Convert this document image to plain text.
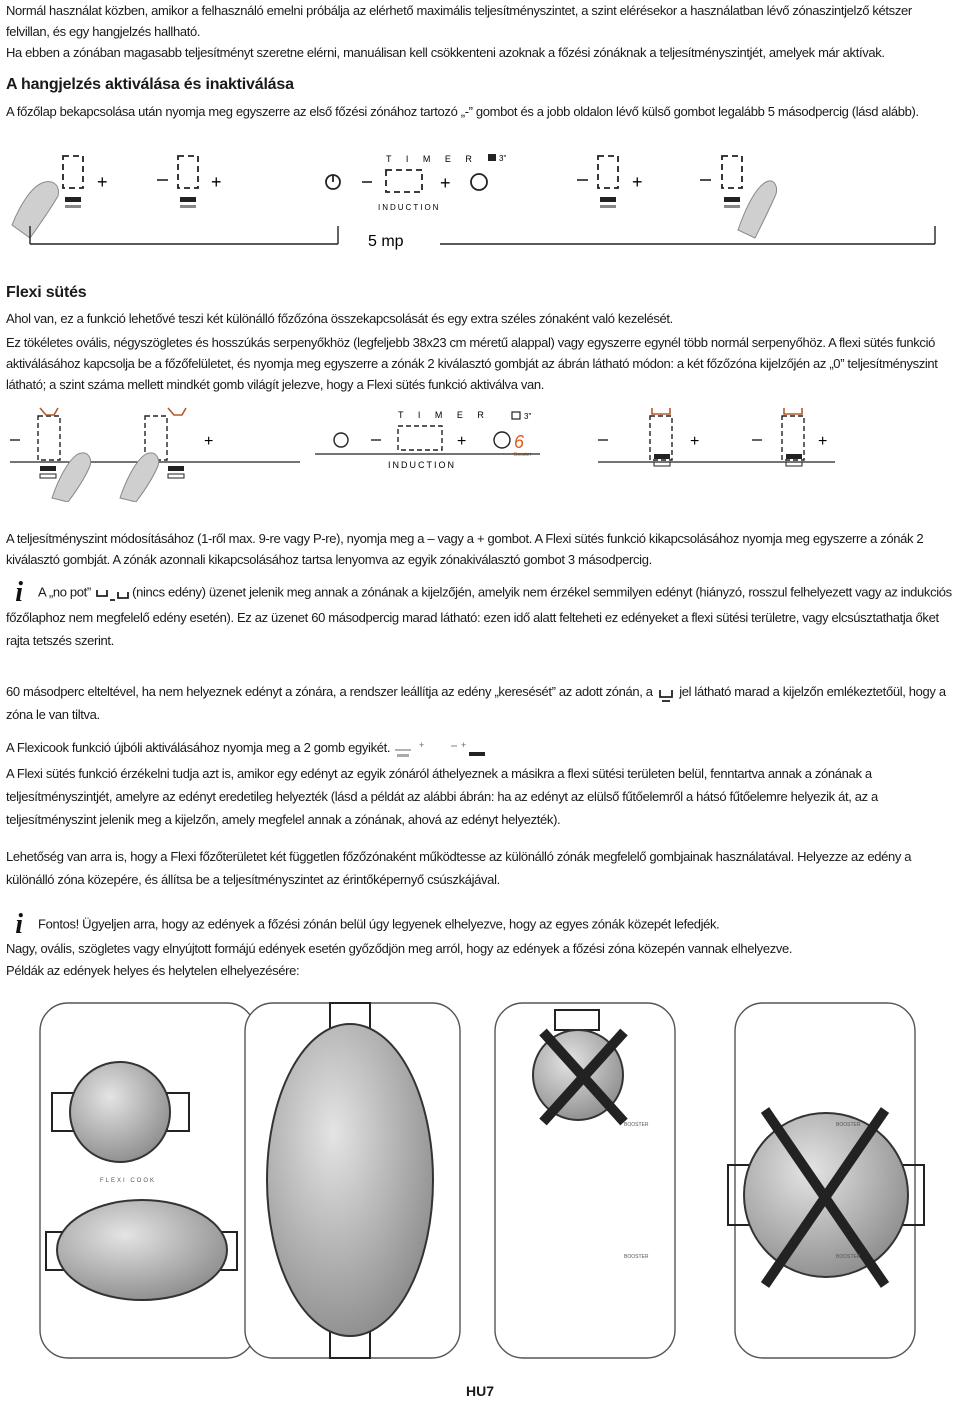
Normál használat közben, amikor a felhasználó emelni próbálja az elérhető maximális teljesítményszintet, a szint elérésekor a használatban lévő zónaszintjelző kétszer felvillan, és egy hangjelzés hallható.
Ha ebben a zónában magasabb teljesítményt szeretne elérni, manuálisan kell csökkenteni azoknak a főzési zónáknak a teljesítményszintjét, amelyek már aktívak.
A hangjelzés aktiválása és inaktiválása
A főzőlap bekapcsolása után nyomja meg egyszerre az első főzési zónához tartozó „-” gombot és a jobb oldalon lévő külső gombot legalább 5 másodpercig (lásd alább).
+	+
T I M E R
+
3"
INDUCTION
+
5 mp
Flexi sütés
Ahol van, ez a funkció lehetővé teszi két különálló főzőzóna összekapcsolását és egy extra széles zónaként való kezelését.
Ez tökéletes ovális, négyszögletes és hosszúkás serpenyőkhöz (legfeljebb 38x23 cm méretű alappal) vagy egyszerre egynél több normál serpenyőhöz. A flexi sütés funkció aktiválásához kapcsolja be a főzőfelületet, és nyomja meg egyszerre a zónák 2 kiválasztó gombját az ábrán látható módon: a két főzőzóna kijelzőjén az „0” teljesítményszint látható; a szint száma mellett mindkét gomb világít jelezve, hogy a Flexi sütés funkció aktiválva van.
+
T I M E R
+	6
Booster
3"
INDUCTION
+	+
A teljesítményszint módosításához (1-ről max. 9-re vagy P-re), nyomja meg a – vagy a + gombot. A Flexi sütés funkció kikapcsolásához nyomja meg egyszerre a zónák 2 kiválasztó gombját. A zónák azonnali kikapcsolásához tartsa lenyomva az egyik zónakiválasztó gombot 3 másodpercig.
i A „no pot”	(nincs edény) üzenet jelenik meg annak a zónának a kijelzőjén, amelyik nem érzékel semmilyen edényt (hiányzó, rosszul felhelyezett vagy az indukciós főzőlaphoz nem megfelelő edény esetén). Ez az üzenet 60 másodpercig marad látható: ezen idő alatt felteheti ez edényeket a flexi sütési területre, vagy elcsúsztathatja őket rajta tetszés szerint.
60 másodperc elteltével, ha nem helyeznek edényt a zónára, a rendszer leállítja az edény „keresését” az adott zónán, a jel látható marad a kijelzőn emlékeztetőül, hogy a zóna le van tiltva.
A Flexicook funkció újbóli aktiválásához nyomja meg a 2 gomb egyikét.	+	+
A Flexi sütés funkció érzékelni tudja azt is, amikor egy edényt az egyik zónáról áthelyeznek a másikra a flexi sütési területen belül, fenntartva annak a zónának a teljesítményszintjét, amelyre az edényt eredetileg helyezték (lásd a példát az alábbi ábrán: ha az edényt az elülső fűtőelemről a hátsó fűtőelemre helyezik át, az a teljesítményszint jelenik meg a kijelzőn, amely megfelel annak a zónának, ahová az edényt helyezték).
Lehetőség van arra is, hogy a Flexi főzőterületet két független főzőzónaként működtesse az különálló zónák megfelelő gombjainak használatával. Helyezze az edény a különálló zóna közepére, és állítsa be a teljesítményszintet az érintőképernyő csúszkájával.
i Fontos! Ügyeljen arra, hogy az edények a főzési zónán belül úgy legyenek elhelyezve, hogy az egyes zónák közepét lefedjék.
Nagy, ovális, szögletes vagy elnyújtott formájú edények esetén győződjön meg arról, hogy az edények a főzési zóna közepén vannak elhelyezve.
Példák az edények helyes és helytelen elhelyezésére:
FLEXI COOK
BOOSTER
BOOSTER
BOOSTER
BOOSTER
HU7
